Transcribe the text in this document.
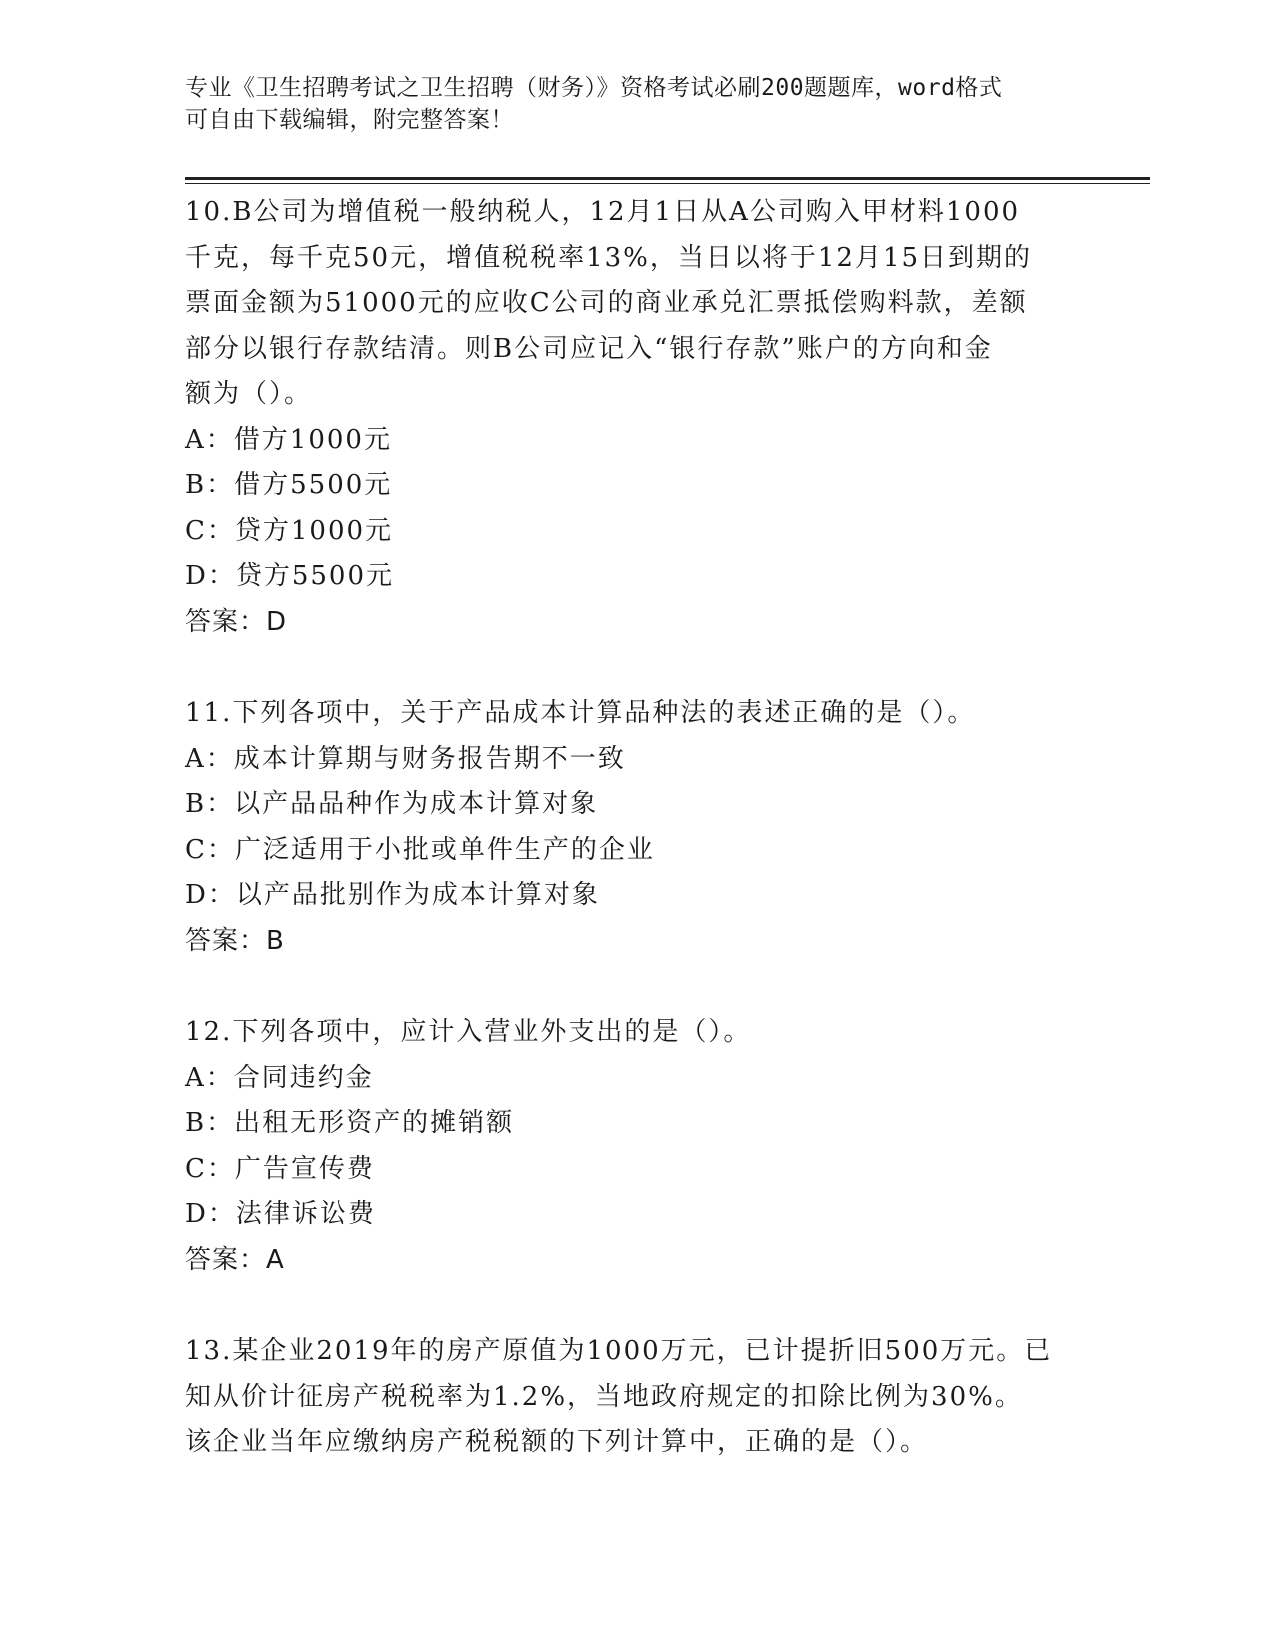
专业《卫生招聘考试之卫生招聘（财务）》资格考试必刷200题题库，word格式
可自由下载编辑，附完整答案！
10.B公司为增值税一般纳税人，12月1日从A公司购入甲材料1000
千克，每千克50元，增值税税率13%，当日以将于12月15日到期的
票面金额为51000元的应收C公司的商业承兑汇票抵偿购料款，差额
部分以银行存款结清。则B公司应记入“银行存款”账户的方向和金
额为（）。
A：借方1000元
B：借方5500元
C：贷方1000元
D：贷方5500元
答案：D
11.下列各项中，关于产品成本计算品种法的表述正确的是（）。
A：成本计算期与财务报告期不一致
B：以产品品种作为成本计算对象
C：广泛适用于小批或单件生产的企业
D：以产品批别作为成本计算对象
答案：B
12.下列各项中，应计入营业外支出的是（）。
A：合同违约金
B：出租无形资产的摊销额
C：广告宣传费
D：法律诉讼费
答案：A
13.某企业2019年的房产原值为1000万元，已计提折旧500万元。已
知从价计征房产税税率为1.2%，当地政府规定的扣除比例为30%。
该企业当年应缴纳房产税税额的下列计算中，正确的是（）。
